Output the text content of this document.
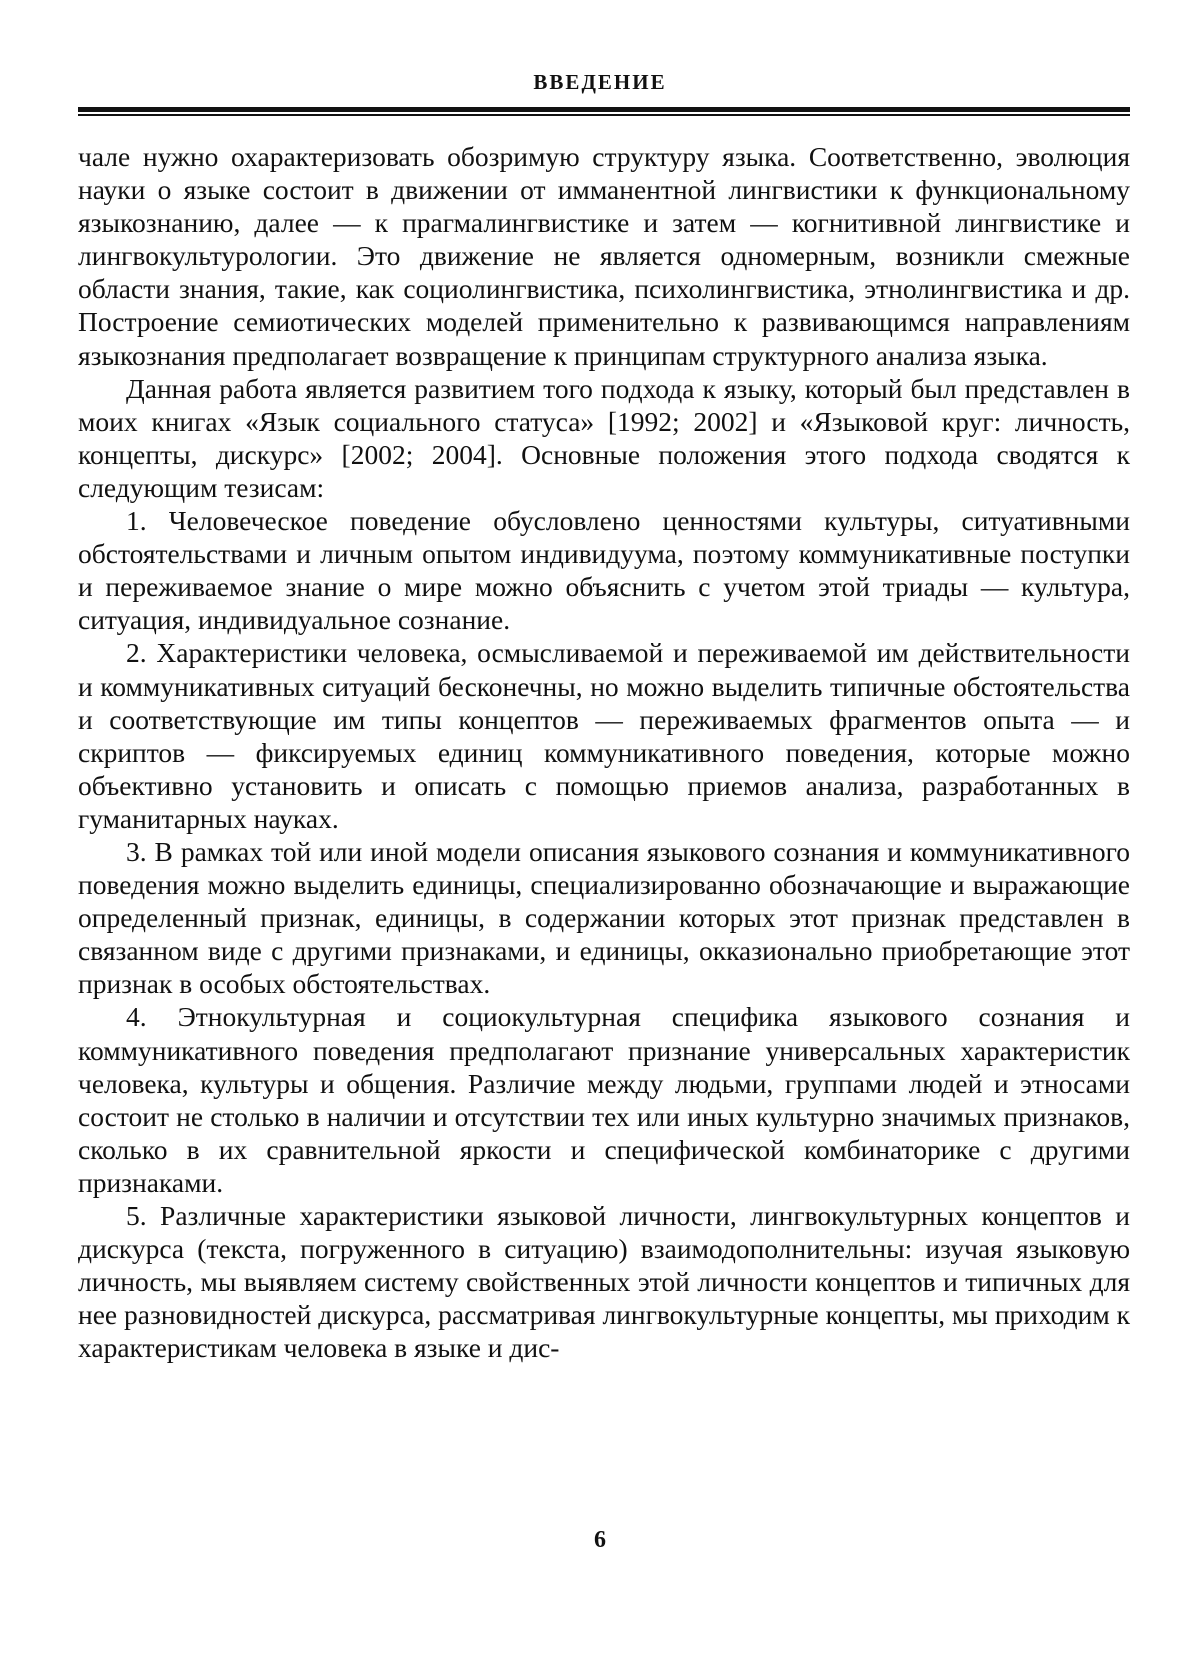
ВВЕДЕНИЕ

чале нужно охарактеризовать обозримую структуру языка. Соответственно, эволюция науки о языке состоит в движении от имманентной лингвистики к функциональному языкознанию, далее — к прагмалингвистике и затем — когнитивной лингвистике и лингвокультурологии. Это движение не является одномерным, возникли смежные области знания, такие, как социолингвистика, психолингвистика, этнолингвистика и др. Построение семиотических моделей применительно к развивающимся направлениям языкознания предполагает возвращение к принципам структурного анализа языка.

Данная работа является развитием того подхода к языку, который был представлен в моих книгах «Язык социального статуса» [1992; 2002] и «Языковой круг: личность, концепты, дискурс» [2002; 2004]. Основные положения этого подхода сводятся к следующим тезисам:

1. Человеческое поведение обусловлено ценностями культуры, ситуативными обстоятельствами и личным опытом индивидуума, поэтому коммуникативные поступки и переживаемое знание о мире можно объяснить с учетом этой триады — культура, ситуация, индивидуальное сознание.

2. Характеристики человека, осмысливаемой и переживаемой им действительности и коммуникативных ситуаций бесконечны, но можно выделить типичные обстоятельства и соответствующие им типы концептов — переживаемых фрагментов опыта — и скриптов — фиксируемых единиц коммуникативного поведения, которые можно объективно установить и описать с помощью приемов анализа, разработанных в гуманитарных науках.

3. В рамках той или иной модели описания языкового сознания и коммуникативного поведения можно выделить единицы, специализированно обозначающие и выражающие определенный признак, единицы, в содержании которых этот признак представлен в связанном виде с другими признаками, и единицы, окказионально приобретающие этот признак в особых обстоятельствах.

4. Этнокультурная и социокультурная специфика языкового сознания и коммуникативного поведения предполагают признание универсальных характеристик человека, культуры и общения. Различие между людьми, группами людей и этносами состоит не столько в наличии и отсутствии тех или иных культурно значимых признаков, сколько в их сравнительной яркости и специфической комбинаторике с другими признаками.

5. Различные характеристики языковой личности, лингвокультурных концептов и дискурса (текста, погруженного в ситуацию) взаимодополнительны: изучая языковую личность, мы выявляем систему свойственных этой личности концептов и типичных для нее разновидностей дискурса, рассматривая лингвокультурные концепты, мы приходим к характеристикам человека в языке и дис-

6
